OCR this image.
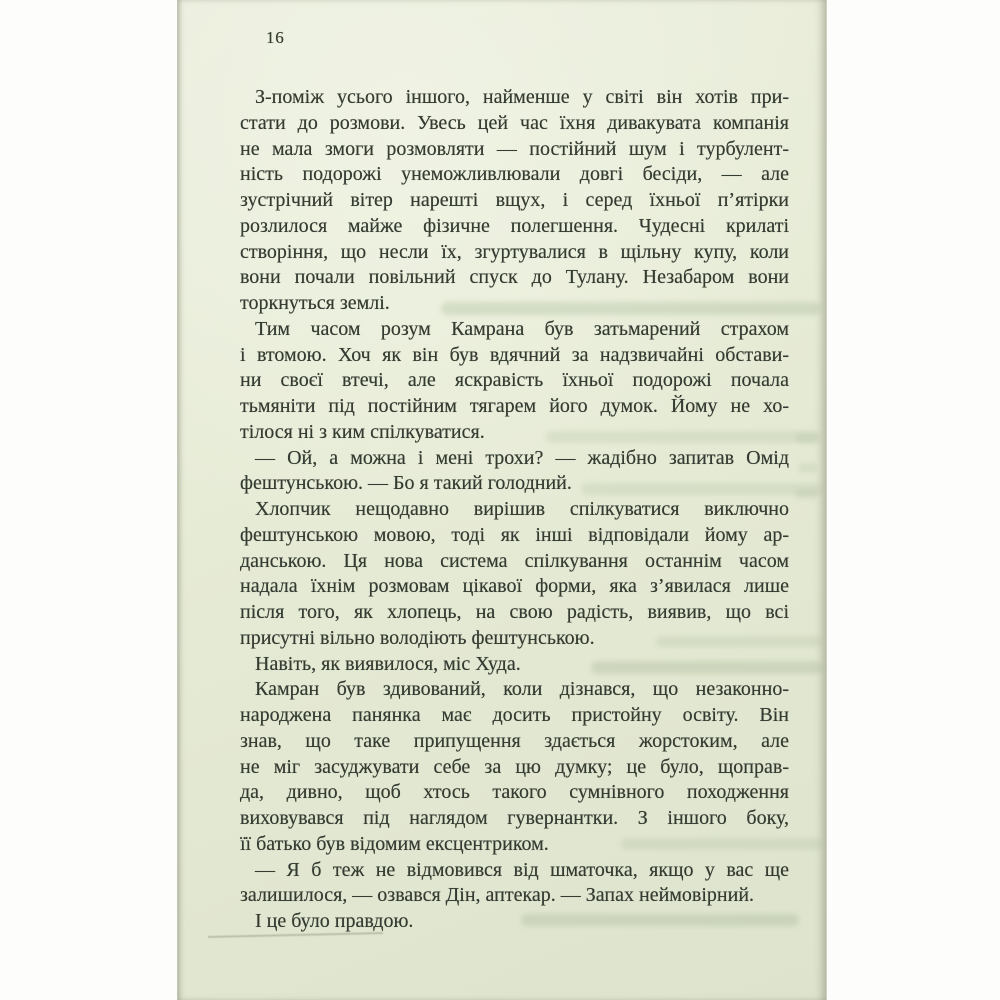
16
З-поміж усього іншого, найменше у світі він хотів при-
стати до розмови. Увесь цей час їхня дивакувата компанія
не мала змоги розмовляти — постійний шум і турбулент-
ність подорожі унеможливлювали довгі бесіди, — але
зустрічний вітер нарешті вщух, і серед їхньої п’ятірки
розлилося майже фізичне полегшення. Чудесні крилаті
створіння, що несли їх, згуртувалися в щільну купу, коли
вони почали повільний спуск до Тулану. Незабаром вони
торкнуться землі.
Тим часом розум Камрана був затьмарений страхом
і втомою. Хоч як він був вдячний за надзвичайні обстави-
ни своєї втечі, але яскравість їхньої подорожі почала
тьмяніти під постійним тягарем його думок. Йому не хо-
тілося ні з ким спілкуватися.
— Ой, а можна і мені трохи? — жадібно запитав Омід
фештунською. — Бо я такий голодний.
Хлопчик нещодавно вирішив спілкуватися виключно
фештунською мовою, тоді як інші відповідали йому ар-
данською. Ця нова система спілкування останнім часом
надала їхнім розмовам цікавої форми, яка з’явилася лише
після того, як хлопець, на свою радість, виявив, що всі
присутні вільно володіють фештунською.
Навіть, як виявилося, міс Худа.
Камран був здивований, коли дізнався, що незаконно-
народжена панянка має досить пристойну освіту. Він
знав, що таке припущення здається жорстоким, але
не міг засуджувати себе за цю думку; це було, щоправ-
да, дивно, щоб хтось такого сумнівного походження
виховувався під наглядом гувернантки. З іншого боку,
її батько був відомим ексцентриком.
— Я б теж не відмовився від шматочка, якщо у вас ще
залишилося, — озвався Дін, аптекар. — Запах неймовірний.
І це було правдою.
